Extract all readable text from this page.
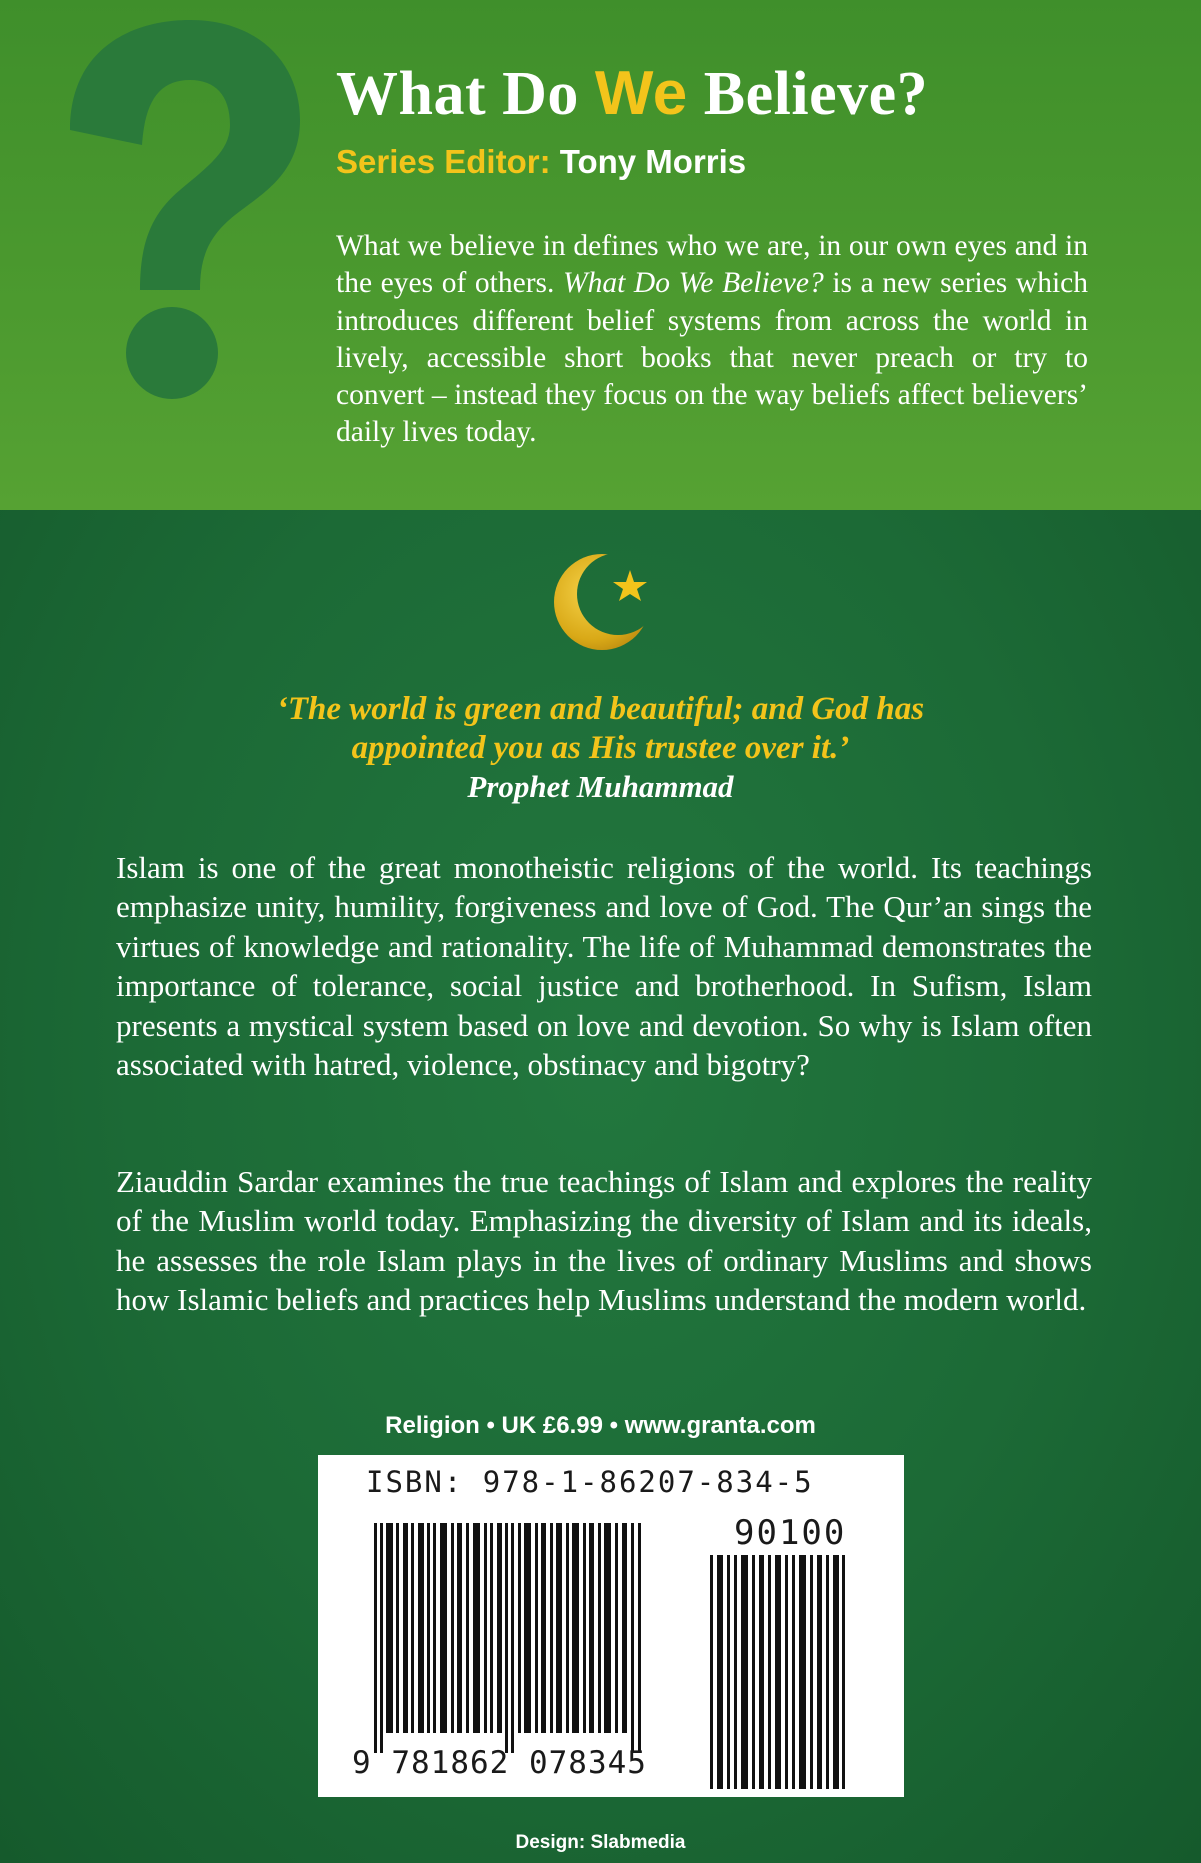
What Do We Believe?
Series Editor: Tony Morris

What we believe in defines who we are, in our own eyes and in the eyes of others. What Do We Believe? is a new series which introduces different belief systems from across the world in lively, accessible short books that never preach or try to convert – instead they focus on the way beliefs affect believers’ daily lives today.

‘The world is green and beautiful; and God has appointed you as His trustee over it.’
Prophet Muhammad

Islam is one of the great monotheistic religions of the world. Its teachings emphasize unity, humility, forgiveness and love of God. The Qur’an sings the virtues of knowledge and rationality. The life of Muhammad demonstrates the importance of tolerance, social justice and brotherhood. In Sufism, Islam presents a mystical system based on love and devotion. So why is Islam often associated with hatred, violence, obstinacy and bigotry?

Ziauddin Sardar examines the true teachings of Islam and explores the reality of the Muslim world today. Emphasizing the diversity of Islam and its ideals, he assesses the role Islam plays in the lives of ordinary Muslims and shows how Islamic beliefs and practices help Muslims understand the modern world.

Religion • UK £6.99 • www.granta.com
ISBN: 978-1-86207-834-5
90100
9 781862 078345
Design: Slabmedia
